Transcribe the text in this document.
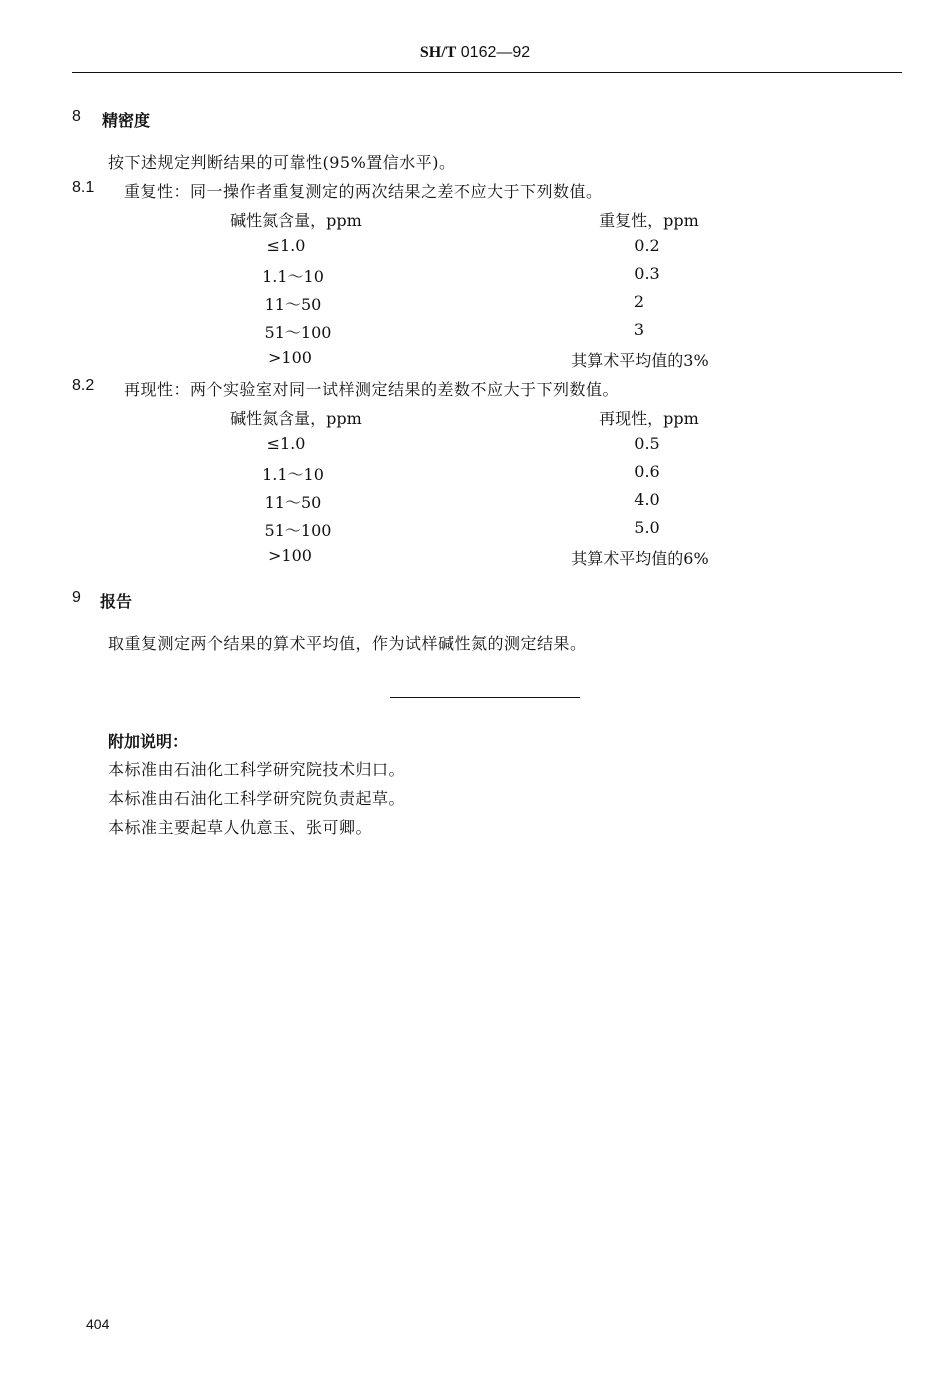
SH/T 0162—92
8 精密度
按下述规定判断结果的可靠性(95%置信水平)。
8.1 重复性：同一操作者重复测定的两次结果之差不应大于下列数值。
碱性氮含量，ppm	重复性，ppm
≤1.0	0.2
1.1～10	0.3
11～50	2
51～100	3
>100	其算术平均值的3%
8.2 再现性：两个实验室对同一试样测定结果的差数不应大于下列数值。
碱性氮含量，ppm	再现性，ppm
≤1.0	0.5
1.1～10	0.6
11～50	4.0
51～100	5.0
>100	其算术平均值的6%
9 报告
取重复测定两个结果的算术平均值，作为试样碱性氮的测定结果。
附加说明：
本标准由石油化工科学研究院技术归口。
本标准由石油化工科学研究院负责起草。
本标准主要起草人仇意玉、张可卿。
404
